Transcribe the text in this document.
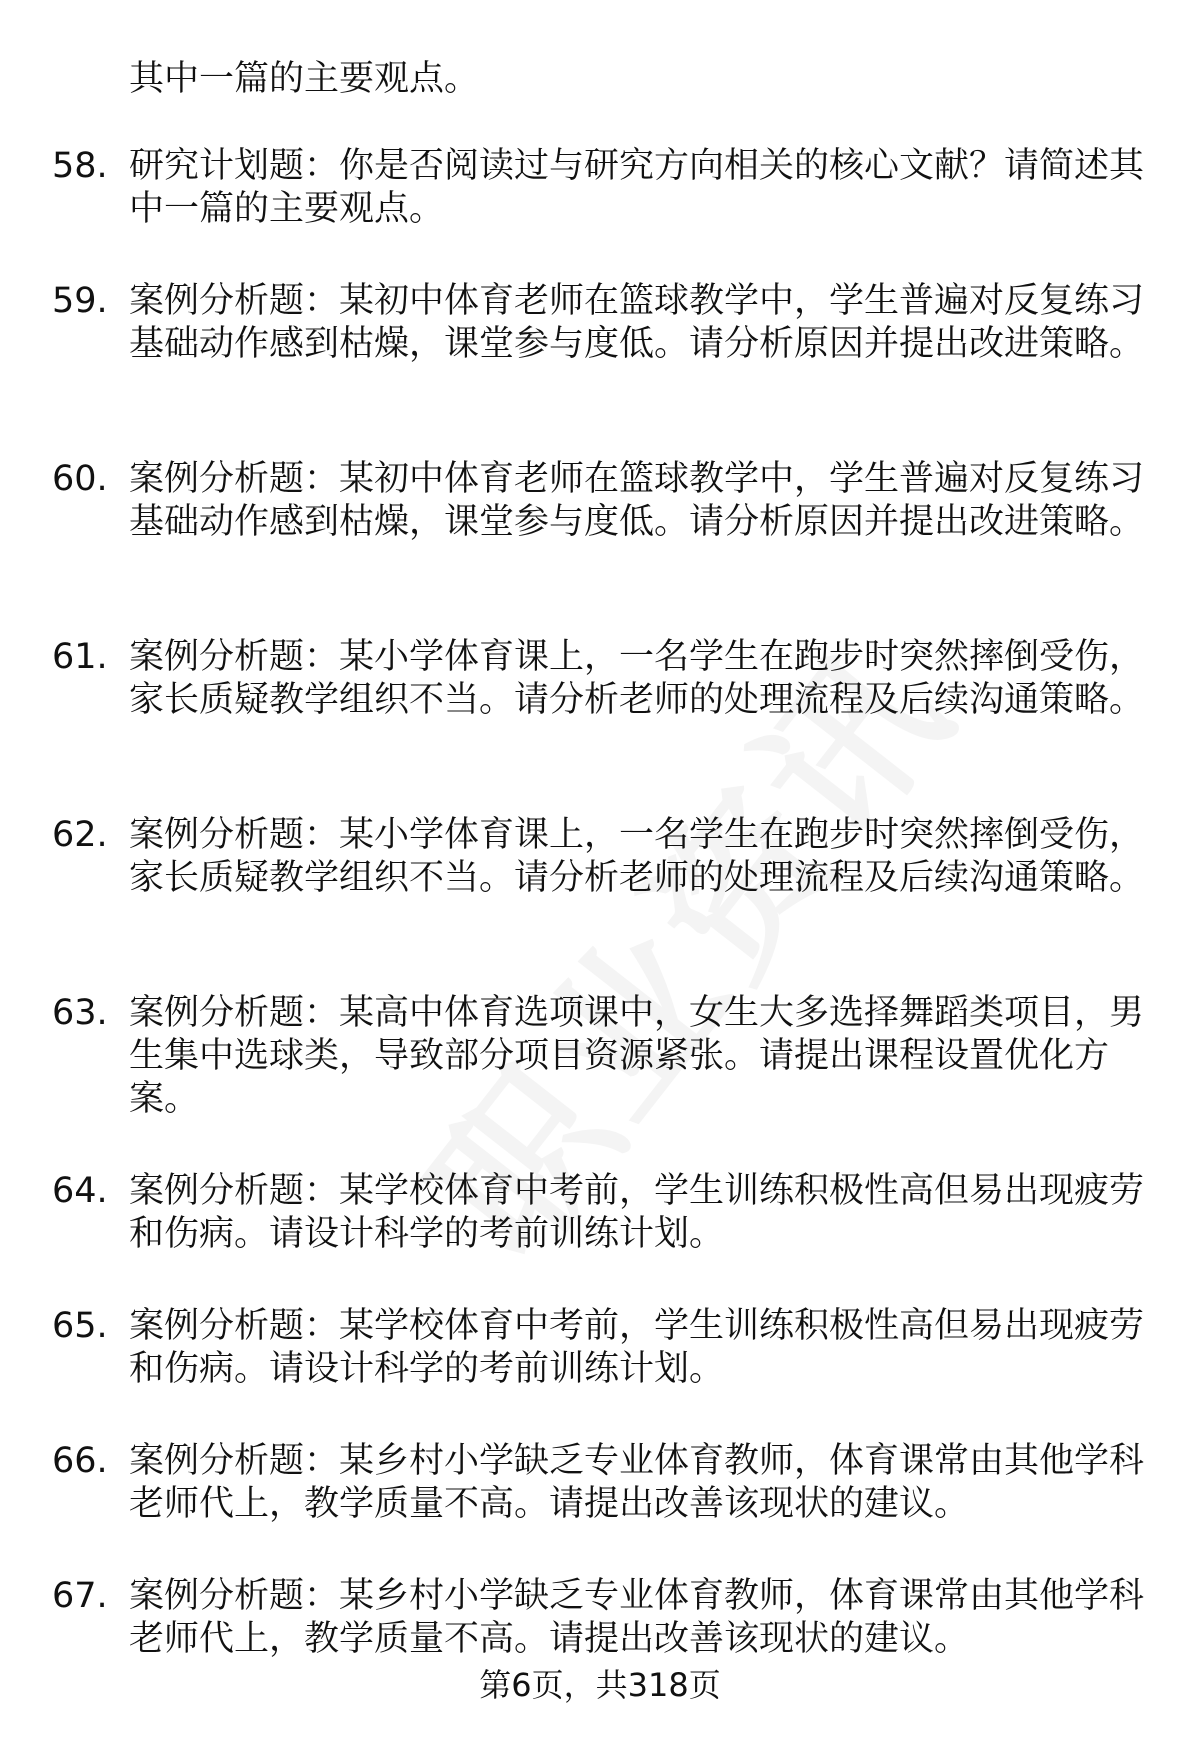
其中一篇的主要观点。

58. 研究计划题：你是否阅读过与研究方向相关的核心文献？请简述其中一篇的主要观点。

59. 案例分析题：某初中体育老师在篮球教学中，学生普遍对反复练习基础动作感到枯燥，课堂参与度低。请分析原因并提出改进策略。

60. 案例分析题：某初中体育老师在篮球教学中，学生普遍对反复练习基础动作感到枯燥，课堂参与度低。请分析原因并提出改进策略。

61. 案例分析题：某小学体育课上，一名学生在跑步时突然摔倒受伤，家长质疑教学组织不当。请分析老师的处理流程及后续沟通策略。

62. 案例分析题：某小学体育课上，一名学生在跑步时突然摔倒受伤，家长质疑教学组织不当。请分析老师的处理流程及后续沟通策略。

63. 案例分析题：某高中体育选项课中，女生大多选择舞蹈类项目，男生集中选球类，导致部分项目资源紧张。请提出课程设置优化方案。

64. 案例分析题：某学校体育中考前，学生训练积极性高但易出现疲劳和伤病。请设计科学的考前训练计划。

65. 案例分析题：某学校体育中考前，学生训练积极性高但易出现疲劳和伤病。请设计科学的考前训练计划。

66. 案例分析题：某乡村小学缺乏专业体育教师，体育课常由其他学科老师代上，教学质量不高。请提出改善该现状的建议。

67. 案例分析题：某乡村小学缺乏专业体育教师，体育课常由其他学科老师代上，教学质量不高。请提出改善该现状的建议。

第6页，共318页
